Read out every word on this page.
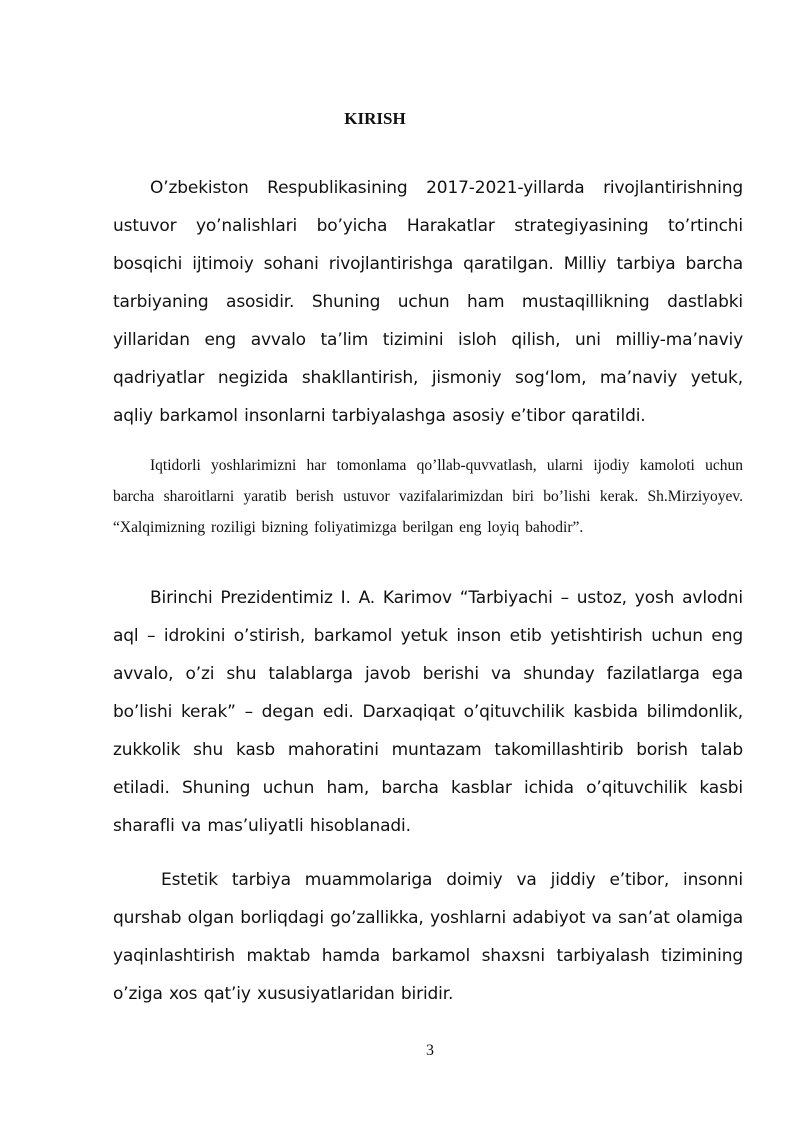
KIRISH

O’zbekiston Respublikasining 2017-2021-yillarda rivojlantirishning ustuvor yo’nalishlari bo’yicha Harakatlar strategiyasining to’rtinchi bosqichi ijtimoiy sohani rivojlantirishga qaratilgan. Milliy tarbiya barcha tarbiyaning asosidir. Shuning uchun ham mustaqillikning dastlabki yillaridan eng avvalo ta’lim tizimini isloh qilish, uni milliy-ma’naviy qadriyatlar negizida shakllantirish, jismoniy sog‘lom, ma’naviy yetuk, aqliy barkamol insonlarni tarbiyalashga asosiy e’tibor qaratildi.

Iqtidorli yoshlarimizni har tomonlama qo’llab-quvvatlash, ularni ijodiy kamoloti uchun barcha sharoitlarni yaratib berish ustuvor vazifalarimizdan biri bo’lishi kerak. Sh.Mirziyoyev. “Xalqimizning roziligi bizning foliyatimizga berilgan eng loyiq bahodir”.

Birinchi Prezidentimiz I. A. Karimov “Tarbiyachi – ustoz, yosh avlodni aql – idrokini o’stirish, barkamol yetuk inson etib yetishtirish uchun eng avvalo, o’zi shu talablarga javob berishi va shunday fazilatlarga ega bo’lishi kerak” – degan edi. Darxaqiqat o’qituvchilik kasbida bilimdonlik, zukkolik shu kasb mahoratini muntazam takomillashtirib borish talab etiladi. Shuning uchun ham, barcha kasblar ichida o’qituvchilik kasbi sharafli va mas’uliyatli hisoblanadi.

Estetik tarbiya muammolariga doimiy va jiddiy e’tibor, insonni qurshab olgan borliqdagi go’zallikka, yoshlarni adabiyot va san’at olamiga yaqinlashtirish maktab hamda barkamol shaxsni tarbiyalash tizimining o’ziga xos qat’iy xususiyatlaridan biridir.

3
